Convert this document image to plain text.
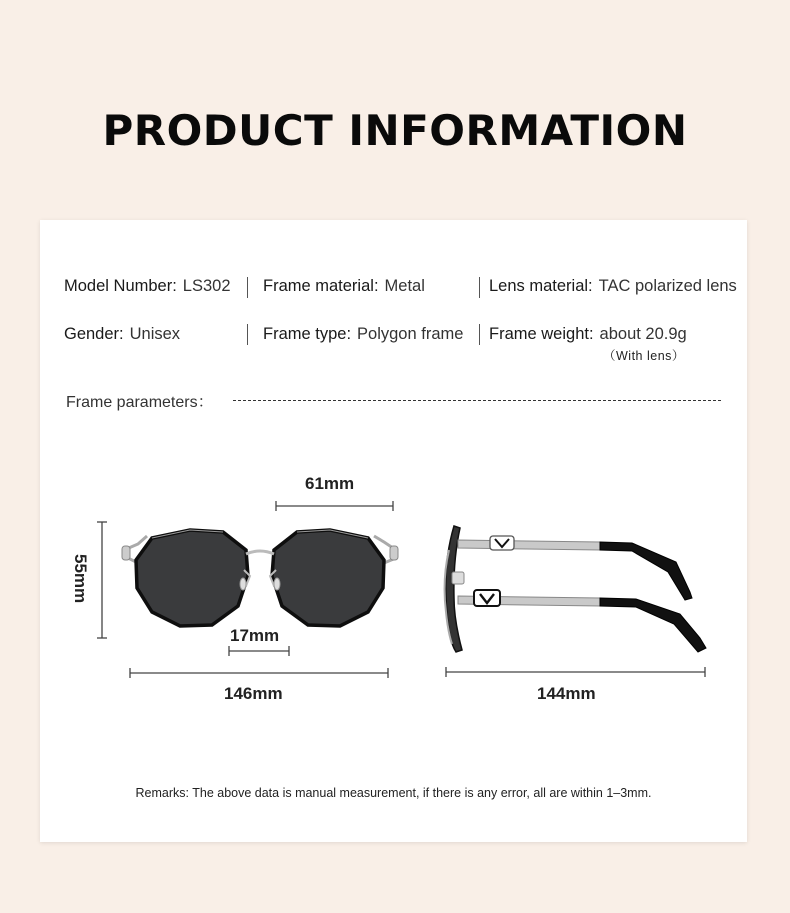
PRODUCT INFORMATION
Model Number: LS302 Frame material: Metal	Lens material: TAC polarized lens
Gender: Unisex	Frame type: Polygon frame Frame weight: about 20.9g
（With lens）
Frame parameters：
61mm
55mm
17mm
146mm	144mm
Remarks: The above data is manual measurement, if there is any error, all are within 1–3mm.
